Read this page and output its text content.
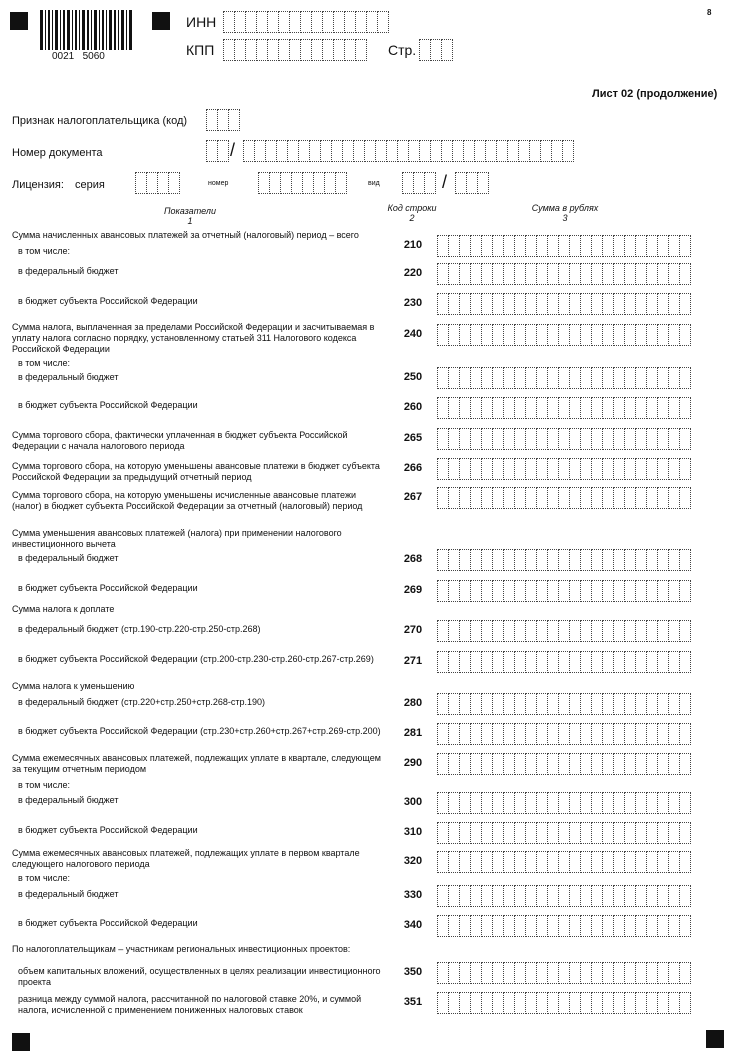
0021   5060
8
ИНН
КПП	Стр.
Лист 02 (продолжение)
Признак налогоплательщика (код)
Номер документа	/
Лицензия: серия	номер	вид	/
Показатели
1
Код строки
2
Сумма в рублях
3
Сумма начисленных авансовых платежей за отчетный (налоговый) период – всего
210
в том числе:
в федеральный бюджет	220
в бюджет субъекта Российской Федерации	230
Сумма налога, выплаченная за пределами Российской Федерации и засчитываемая в уплату налога согласно порядку, установленному статьей 311 Налогового кодекса Российской Федерации
240
в том числе:
в федеральный бюджет	250
в бюджет субъекта Российской Федерации	260
Сумма торгового сбора, фактически уплаченная в бюджет субъекта Российской Федерации с начала налогового периода
265
Сумма торгового сбора, на которую уменьшены авансовые платежи в бюджет субъекта Российской Федерации за предыдущий отчетный период
266
Сумма торгового сбора, на которую уменьшены исчисленные авансовые платежи (налог) в бюджет субъекта Российской Федерации за отчетный (налоговый) период
267
Сумма уменьшения авансовых платежей (налога) при применении налогового инвестиционного вычета
в федеральный бюджет	268
в бюджет субъекта Российской Федерации	269
Сумма налога к доплате
в федеральный бюджет (стр.190-стр.220-стр.250-стр.268)	270
в бюджет субъекта Российской Федерации (стр.200-стр.230-стр.260-стр.267-стр.269)	271
Сумма налога к уменьшению
в федеральный бюджет (стр.220+стр.250+стр.268-стр.190)	280
в бюджет субъекта Российской Федерации (стр.230+стр.260+стр.267+стр.269-стр.200)	281
Сумма ежемесячных авансовых платежей, подлежащих уплате в квартале, следующем за текущим отчетным периодом	290
в том числе:
в федеральный бюджет	300
в бюджет субъекта Российской Федерации	310
Сумма ежемесячных авансовых платежей, подлежащих уплате в первом квартале следующего налогового периода	320
в том числе:
в федеральный бюджет	330
в бюджет субъекта Российской Федерации	340
По налогоплательщикам – участникам региональных инвестиционных проектов:
объем капитальных вложений, осуществленных в целях реализации инвестиционного проекта
350
разница между суммой налога, рассчитанной по налоговой ставке 20%, и суммой налога, исчисленной с применением пониженных налоговых ставок
351
